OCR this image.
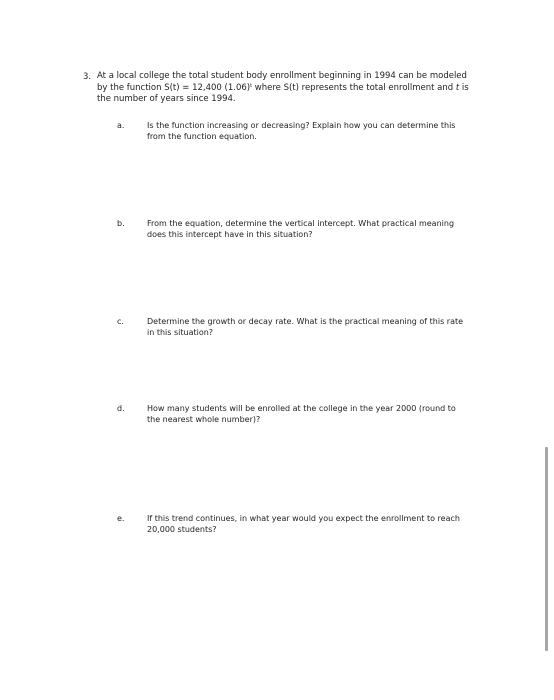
3. At a local college the total student body enrollment beginning in 1994 can be modeled by the function S(t) = 12,400 $(1.06)^t$ where S(t) represents the total enrollment and t is the number of years since 1994.
a.	Is the function increasing or decreasing? Explain how you can determine this from the function equation.
b.	From the equation, determine the vertical intercept. What practical meaning does this intercept have in this situation?
c.	Determine the growth or decay rate. What is the practical meaning of this rate in this situation?
d.	How many students will be enrolled at the college in the year 2000 (round to the nearest whole number)?
e.	If this trend continues, in what year would you expect the enrollment to reach 20,000 students?
